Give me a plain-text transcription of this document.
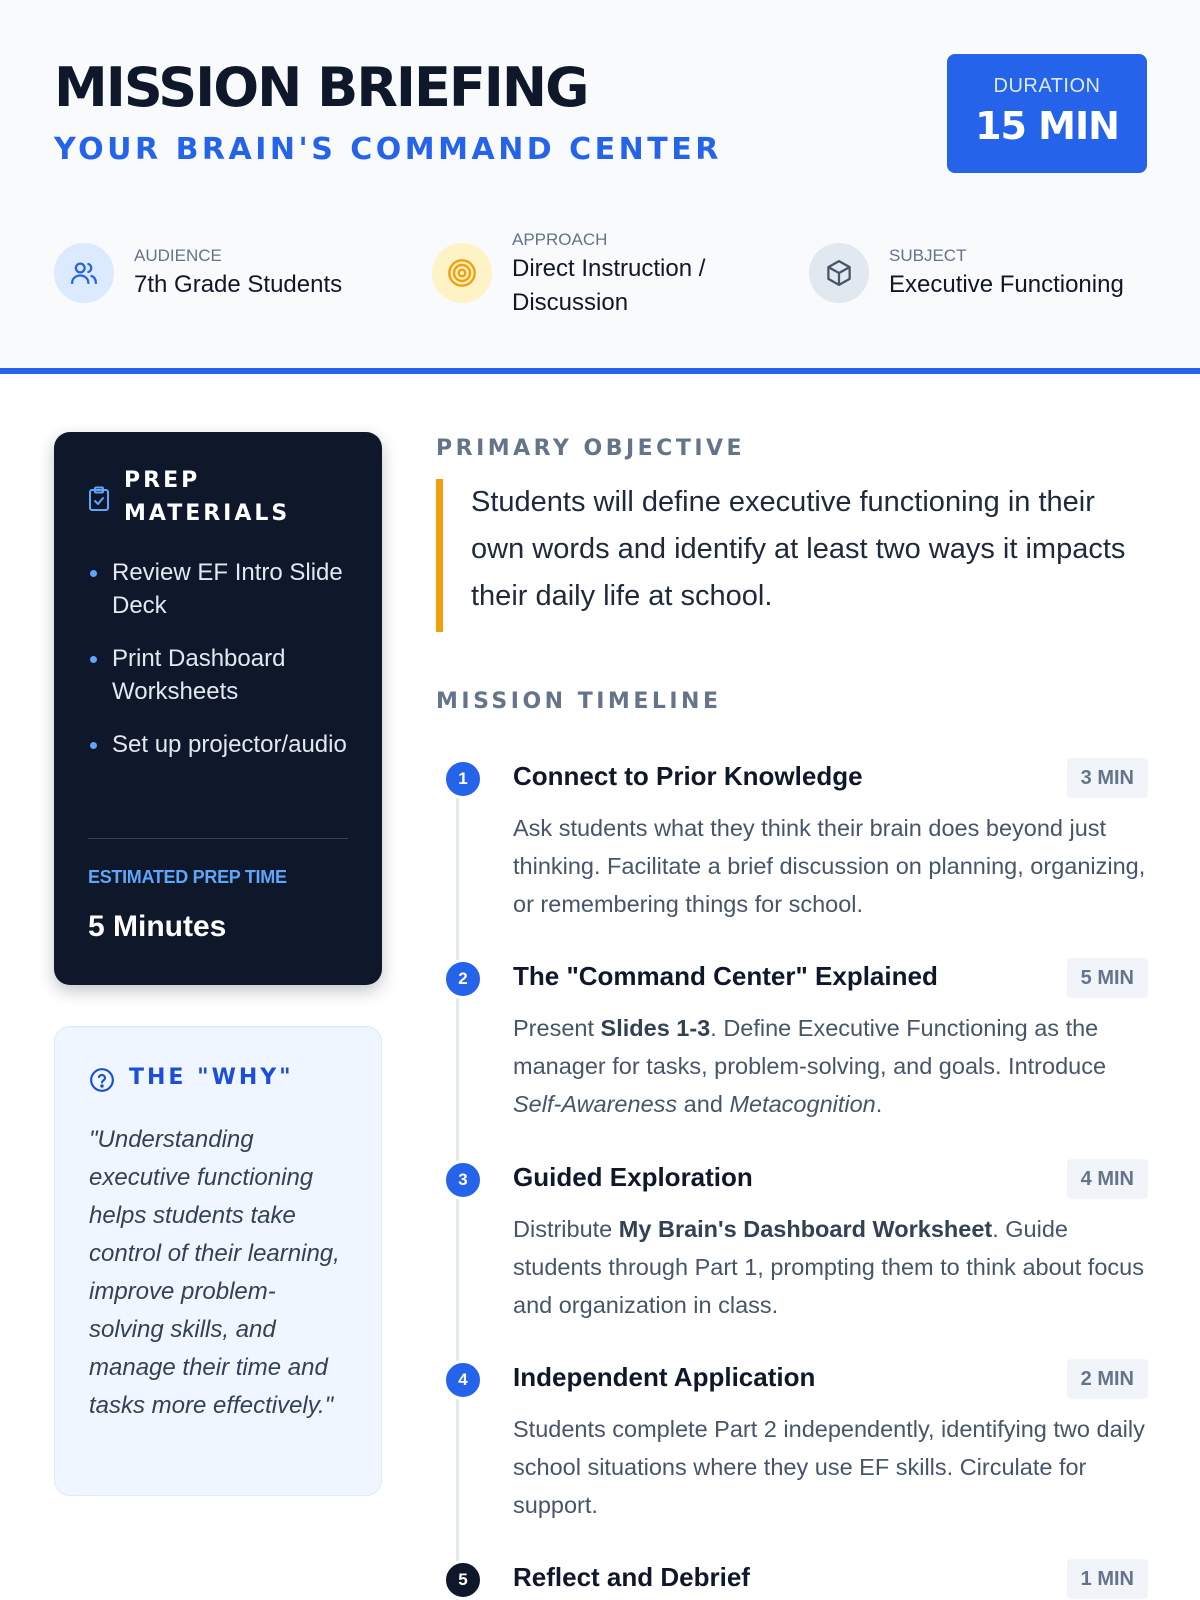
MISSION BRIEFING
YOUR BRAIN'S COMMAND CENTER
DURATION
15 MIN
AUDIENCE
7th Grade Students
APPROACH
Direct Instruction /
Discussion
SUBJECT
Executive Functioning
PREP
MATERIALS
Review EF Intro Slide Deck
Print Dashboard Worksheets
Set up projector/audio
ESTIMATED PREP TIME
5 Minutes
THE "WHY"
"Understanding executive functioning helps students take control of their learning, improve problem-solving skills, and manage their time and tasks more effectively."
PRIMARY OBJECTIVE

Students will define executive functioning in their own words and identify at least two ways it impacts their daily life at school.

MISSION TIMELINE
1	Connect to Prior Knowledge	3 MIN
Ask students what they think their brain does beyond just thinking. Facilitate a brief discussion on planning, organizing, or remembering things for school.
2	The "Command Center" Explained	5 MIN
Present Slides 1-3. Define Executive Functioning as the manager for tasks, problem-solving, and goals. Introduce Self-Awareness and Metacognition.
3	Guided Exploration	4 MIN
Distribute My Brain's Dashboard Worksheet. Guide students through Part 1, prompting them to think about focus and organization in class.
4	Independent Application	2 MIN
Students complete Part 2 independently, identifying two daily school situations where they use EF skills. Circulate for support.
5	Reflect and Debrief	1 MIN
